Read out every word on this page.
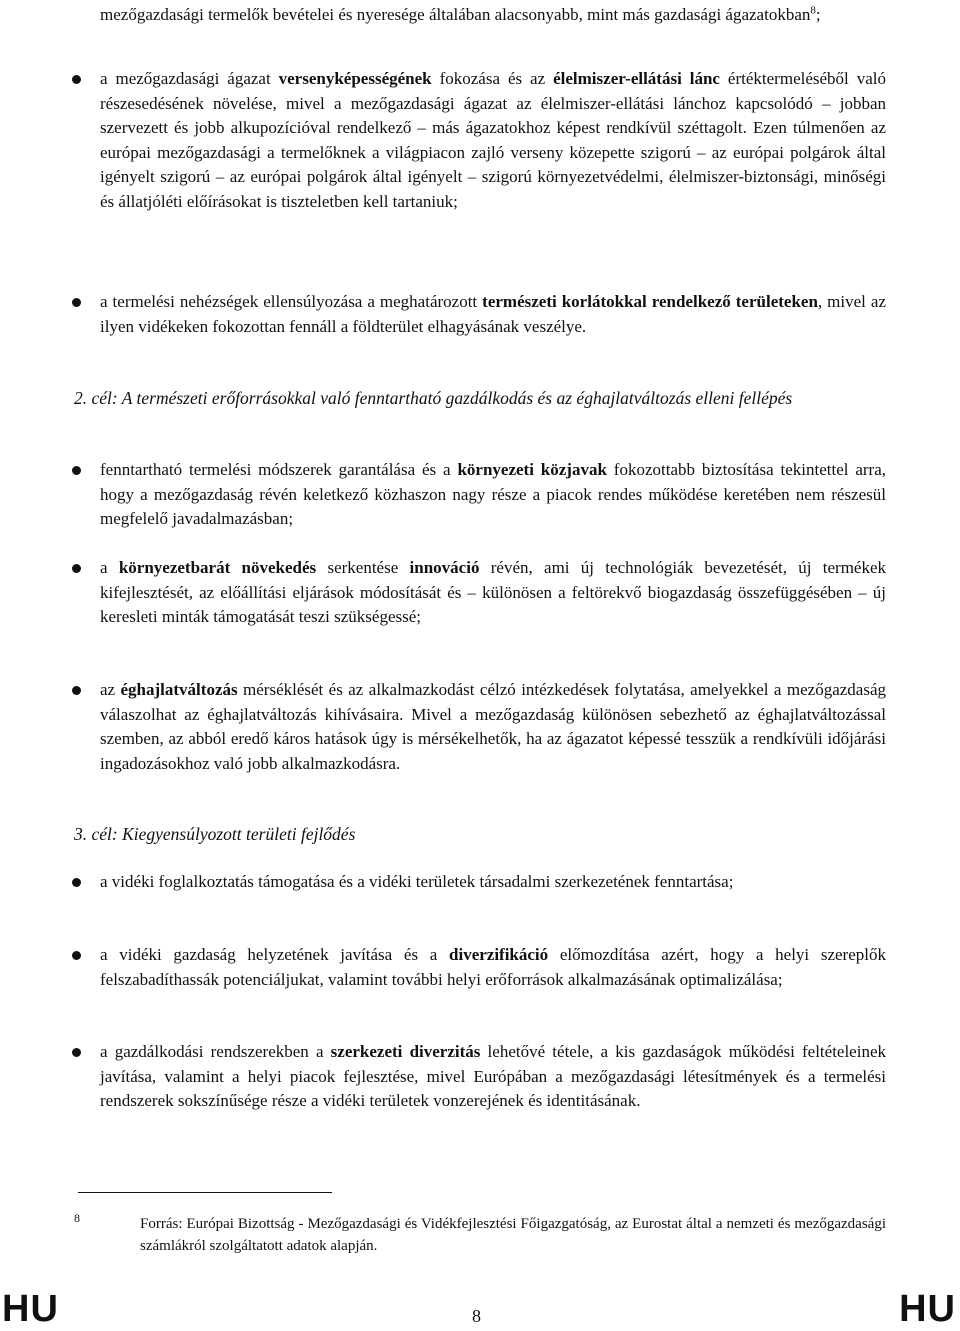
mezőgazdasági termelők bevételei és nyeresége általában alacsonyabb, mint más gazdasági ágazatokban$^8$;

a mezőgazdasági ágazat versenyképességének fokozása és az élelmiszer-ellátási lánc értéktermeléséből való részesedésének növelése, mivel a mezőgazdasági ágazat az élelmiszer-ellátási lánchoz kapcsolódó – jobban szervezett és jobb alkupozícióval rendelkező – más ágazatokhoz képest rendkívül széttagolt. Ezen túlmenően az európai mezőgazdasági a termelőknek a világpiacon zajló verseny közepette szigorú – az európai polgárok által igényelt szigorú – az európai polgárok által igényelt – szigorú környezetvédelmi, élelmiszer-biztonsági, minőségi és állatjóléti előírásokat is tiszteletben kell tartaniuk;

a termelési nehézségek ellensúlyozása a meghatározott természeti korlátokkal rendelkező területeken, mivel az ilyen vidékeken fokozottan fennáll a földterület elhagyásának veszélye.

2. cél: A természeti erőforrásokkal való fenntartható gazdálkodás és az éghajlatváltozás elleni fellépés

fenntartható termelési módszerek garantálása és a környezeti közjavak fokozottabb biztosítása tekintettel arra, hogy a mezőgazdaság révén keletkező közhaszon nagy része a piacok rendes működése keretében nem részesül megfelelő javadalmazásban;

a környezetbarát növekedés serkentése innováció révén, ami új technológiák bevezetését, új termékek kifejlesztését, az előállítási eljárások módosítását és – különösen a feltörekvő biogazdaság összefüggésében – új keresleti minták támogatását teszi szükségessé;

az éghajlatváltozás mérséklését és az alkalmazkodást célzó intézkedések folytatása, amelyekkel a mezőgazdaság válaszolhat az éghajlatváltozás kihívásaira. Mivel a mezőgazdaság különösen sebezhető az éghajlatváltozással szemben, az abból eredő káros hatások úgy is mérsékelhetők, ha az ágazatot képessé tesszük a rendkívüli időjárási ingadozásokhoz való jobb alkalmazkodásra.

3. cél: Kiegyensúlyozott területi fejlődés

a vidéki foglalkoztatás támogatása és a vidéki területek társadalmi szerkezetének fenntartása;

a vidéki gazdaság helyzetének javítása és a diverzifikáció előmozdítása azért, hogy a helyi szereplők felszabadíthassák potenciáljukat, valamint további helyi erőforrások alkalmazásának optimalizálása;

a gazdálkodási rendszerekben a szerkezeti diverzitás lehetővé tétele, a kis gazdaságok működési feltételeinek javítása, valamint a helyi piacok fejlesztése, mivel Európában a mezőgazdasági létesítmények és a termelési rendszerek sokszínűsége része a vidéki területek vonzerejének és identitásának.

8	Forrás: Európai Bizottság - Mezőgazdasági és Vidékfejlesztési Főigazgatóság, az Eurostat által a nemzeti és mezőgazdasági számlákról szolgáltatott adatok alapján.

HU	8	HU
